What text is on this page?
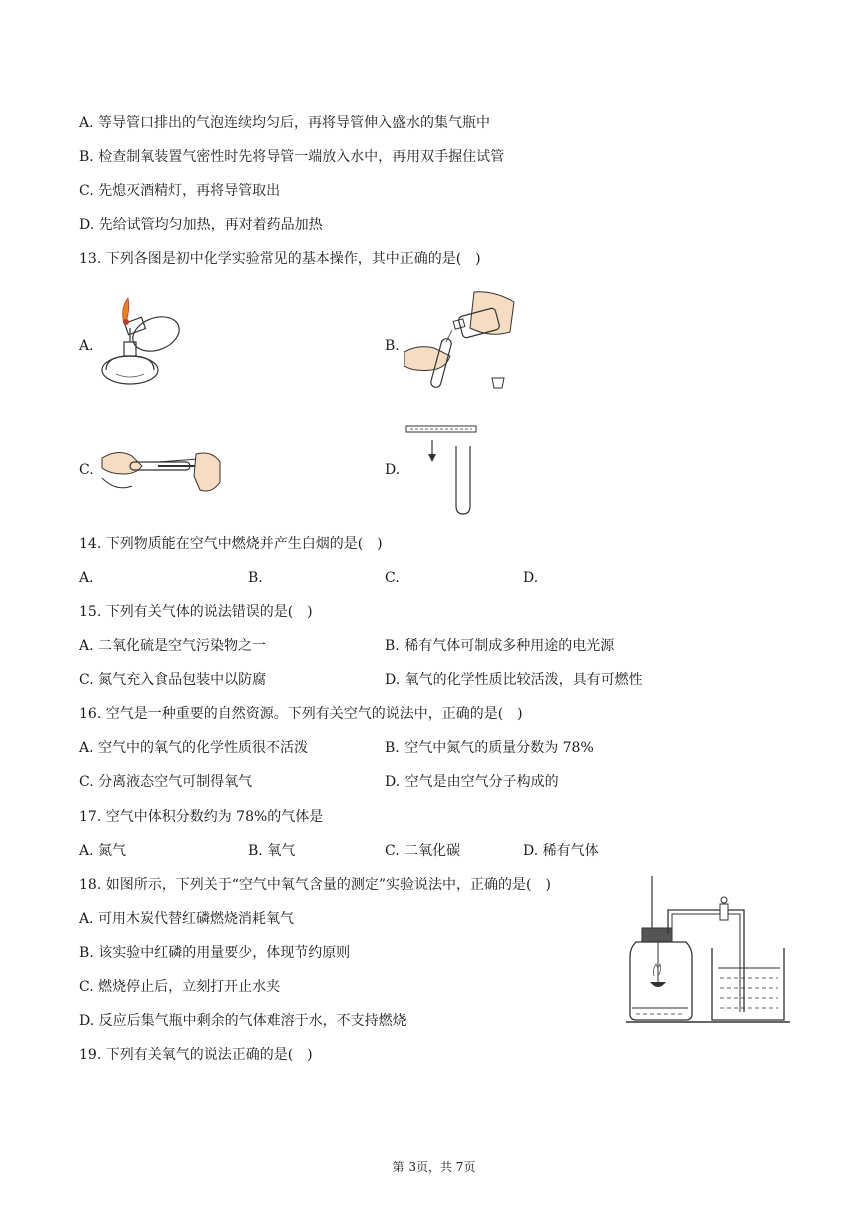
A. 等导管口排出的气泡连续均匀后，再将导管伸入盛水的集气瓶中
B. 检查制氧装置气密性时先将导管一端放入水中，再用双手握住试管
C. 先熄灭酒精灯，再将导管取出
D. 先给试管均匀加热，再对着药品加热
13. 下列各图是初中化学实验常见的基本操作，其中正确的是(　)
A.	B.
C.	D.
14. 下列物质能在空气中燃烧并产生白烟的是(　)
A.	B.	C.	D.
15. 下列有关气体的说法错误的是(　)
A. 二氧化硫是空气污染物之一	B. 稀有气体可制成多种用途的电光源
C. 氮气充入食品包装中以防腐	D. 氧气的化学性质比较活泼，具有可燃性
16. 空气是一种重要的自然资源。下列有关空气的说法中，正确的是(　)
A. 空气中的氧气的化学性质很不活泼	B. 空气中氮气的质量分数为 78%
C. 分离液态空气可制得氧气	D. 空气是由空气分子构成的
17. 空气中体积分数约为 78%的气体是
A. 氮气	B. 氧气	C. 二氧化碳	D. 稀有气体
18. 如图所示，下列关于“空气中氧气含量的测定”实验说法中，正确的是(　)
A. 可用木炭代替红磷燃烧消耗氧气
B. 该实验中红磷的用量要少，体现节约原则
C. 燃烧停止后，立刻打开止水夹
D. 反应后集气瓶中剩余的气体难溶于水，不支持燃烧
19. 下列有关氧气的说法正确的是(　)
第 3页，共 7页
